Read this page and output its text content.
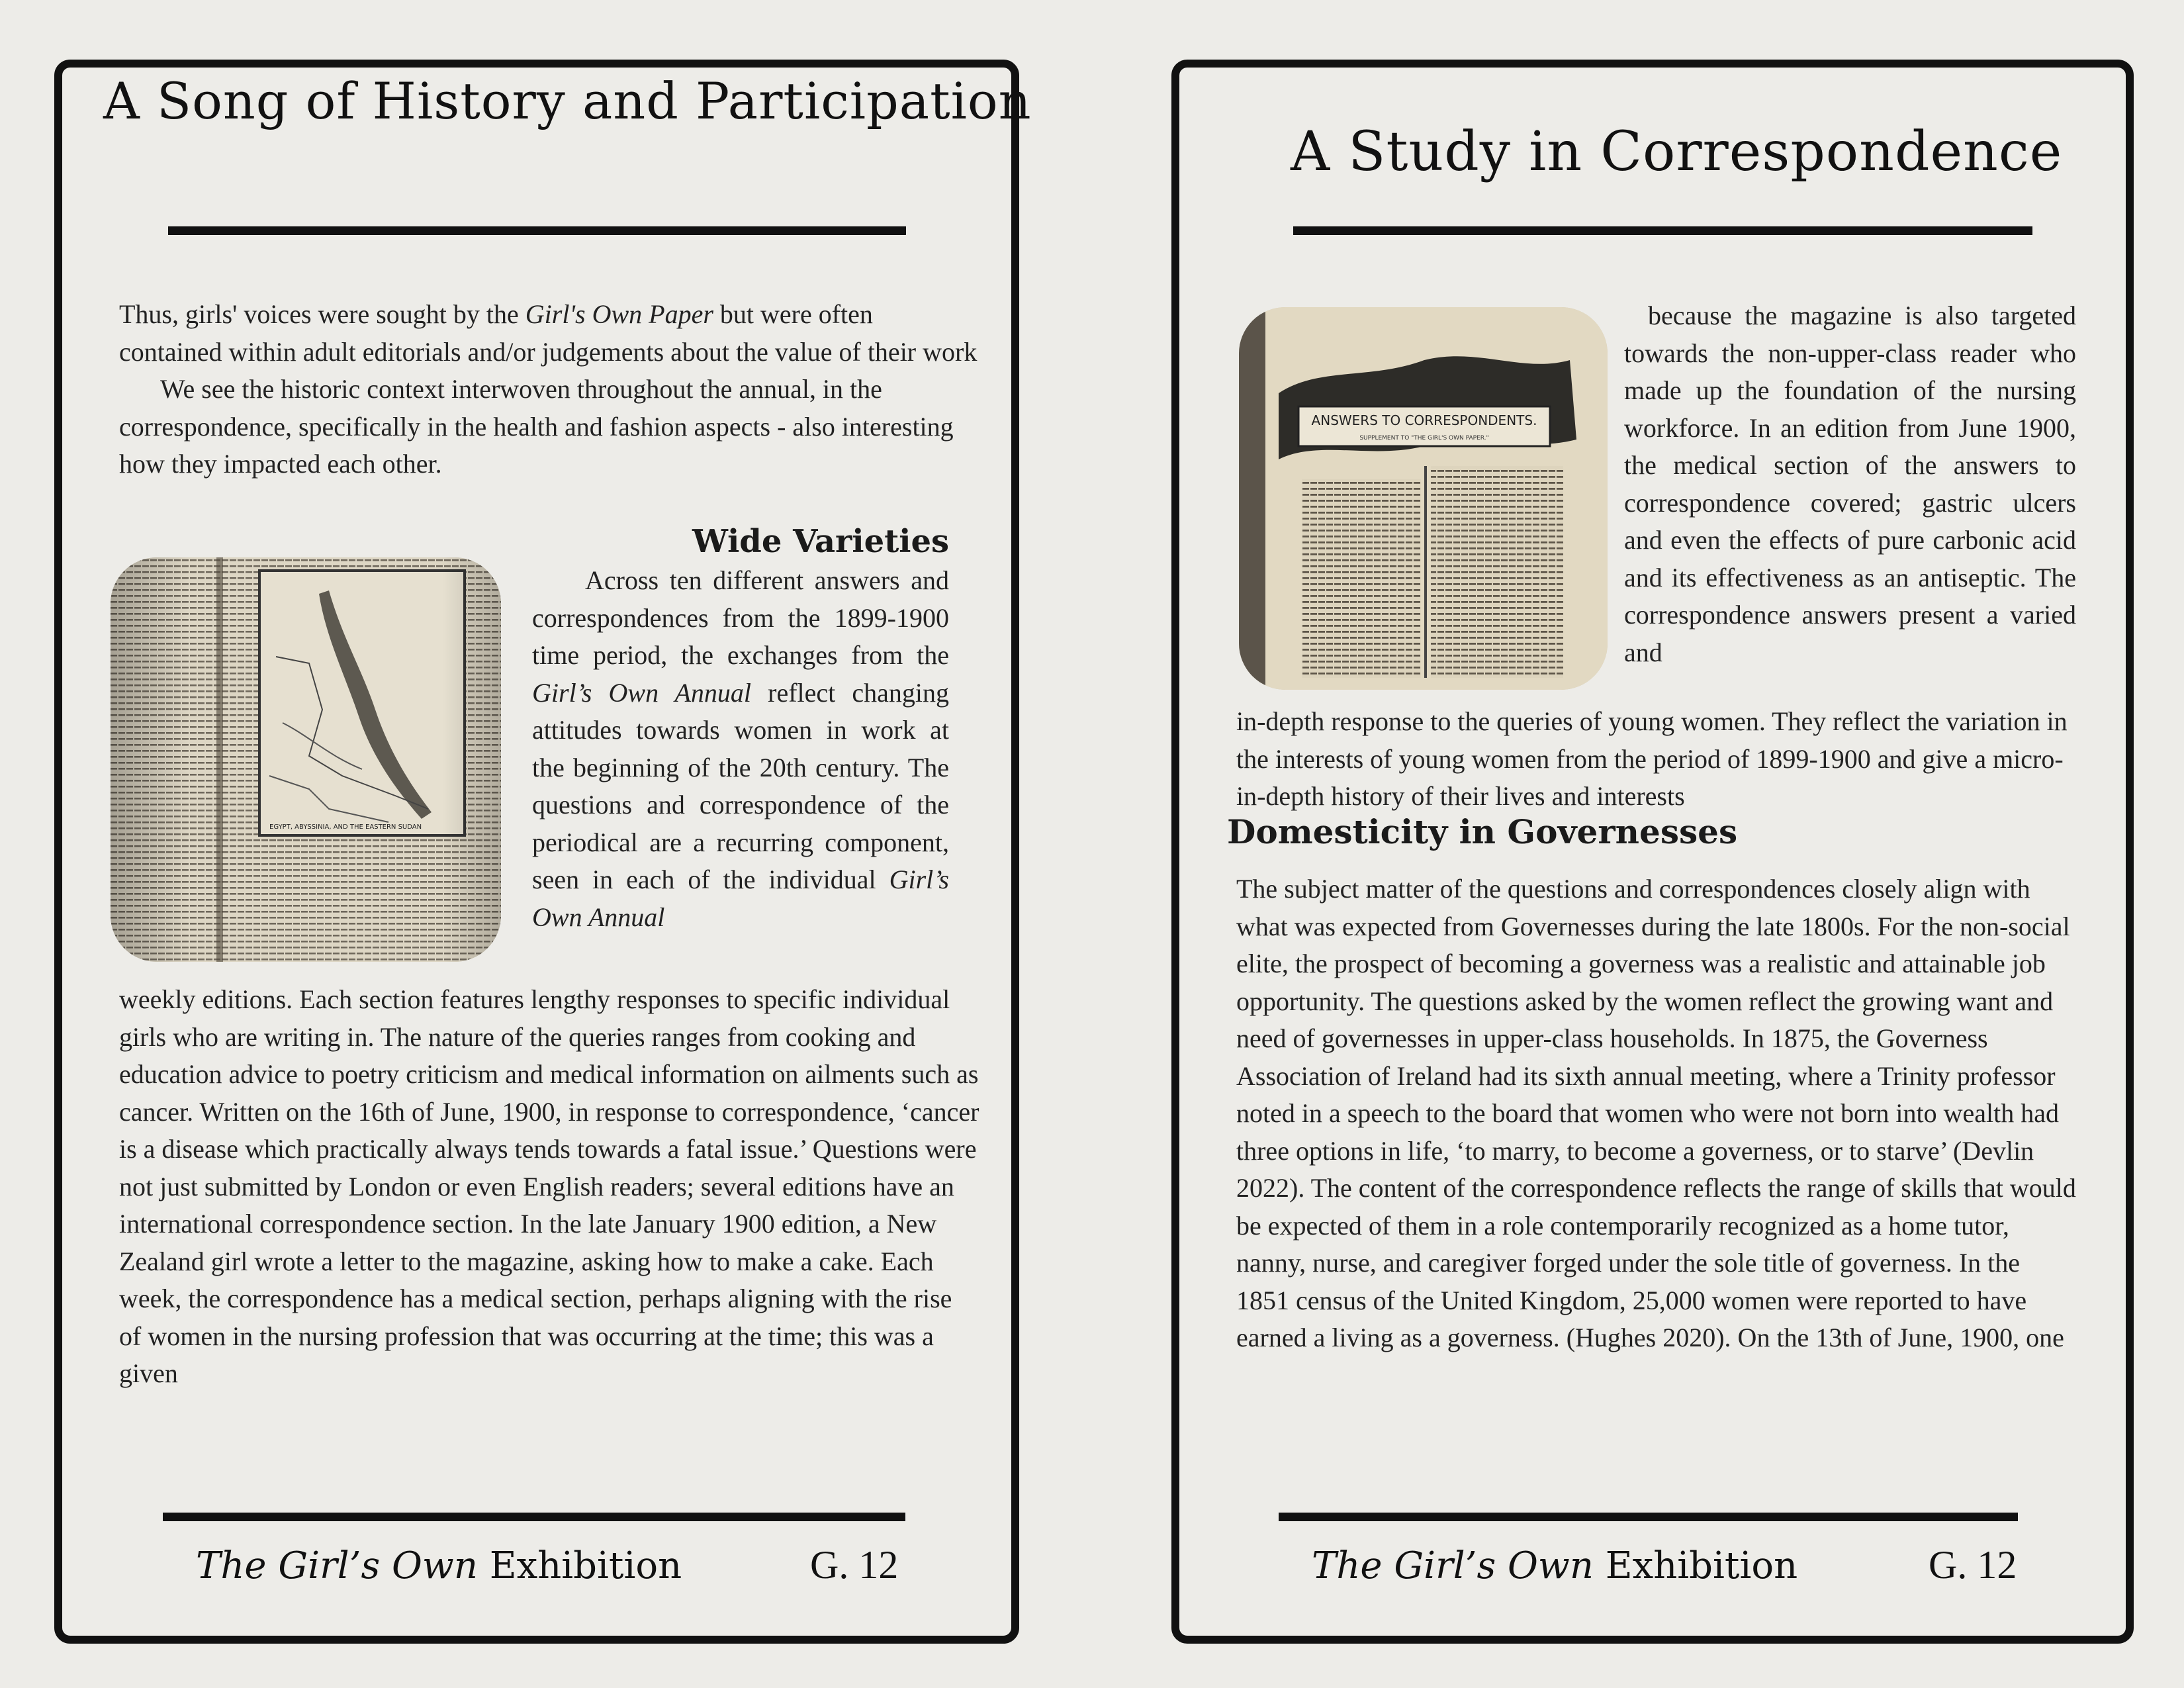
A Song of History and Participation

Thus, girls' voices were sought by the Girl's Own Paper but were often contained within adult editorials and/or judgements about the value of their work

We see the historic context interwoven throughout the annual, in the correspondence, specifically in the health and fashion aspects - also interesting how they impacted each other.

Wide Varieties

Across ten different answers and correspondences from the 1899-1900 time period, the exchanges from the Girl’s Own Annual reflect changing attitudes towards women in work at the beginning of the 20th century. The questions and correspondence of the periodical are a recurring component, seen in each of the individual Girl’s Own Annual

weekly editions. Each section features lengthy responses to specific individual girls who are writing in. The nature of the queries ranges from cooking and education advice to poetry criticism and medical information on ailments such as cancer. Written on the 16th of June, 1900, in response to correspondence, ‘cancer is a disease which practically always tends towards a fatal issue.’ Questions were not just submitted by London or even English readers; several editions have an international correspondence section. In the late January 1900 edition, a New Zealand girl wrote a letter to the magazine, asking how to make a cake. Each week, the correspondence has a medical section, perhaps aligning with the rise of women in the nursing profession that was occurring at the time; this was a given

The Girl’s Own Exhibition	G. 12
A Study in Correspondence
ANSWERS TO CORRESPONDENTS.
SUPPLEMENT TO "THE GIRL'S OWN PAPER."

because the magazine is also targeted towards the non-upper-class reader who made up the foundation of the nursing workforce. In an edition from June 1900, the medical section of the answers to correspondence covered; gastric ulcers and even the effects of pure carbonic acid and its effectiveness as an antiseptic. The correspondence answers present a varied and

in-depth response to the queries of young women. They reflect the variation in the interests of young women from the period of 1899-1900 and give a micro-in-depth history of their lives and interests

Domesticity in Governesses

The subject matter of the questions and correspondences closely align with what was expected from Governesses during the late 1800s. For the non-social elite, the prospect of becoming a governess was a realistic and attainable job opportunity. The questions asked by the women reflect the growing want and need of governesses in upper-class households. In 1875, the Governess Association of Ireland had its sixth annual meeting, where a Trinity professor noted in a speech to the board that women who were not born into wealth had three options in life, ‘to marry, to become a governess, or to starve’ (Devlin 2022). The content of the correspondence reflects the range of skills that would be expected of them in a role contemporarily recognized as a home tutor, nanny, nurse, and caregiver forged under the sole title of governess. In the 1851 census of the United Kingdom, 25,000 women were reported to have earned a living as a governess. (Hughes 2020). On the 13th of June, 1900, one

The Girl’s Own Exhibition	G. 12
